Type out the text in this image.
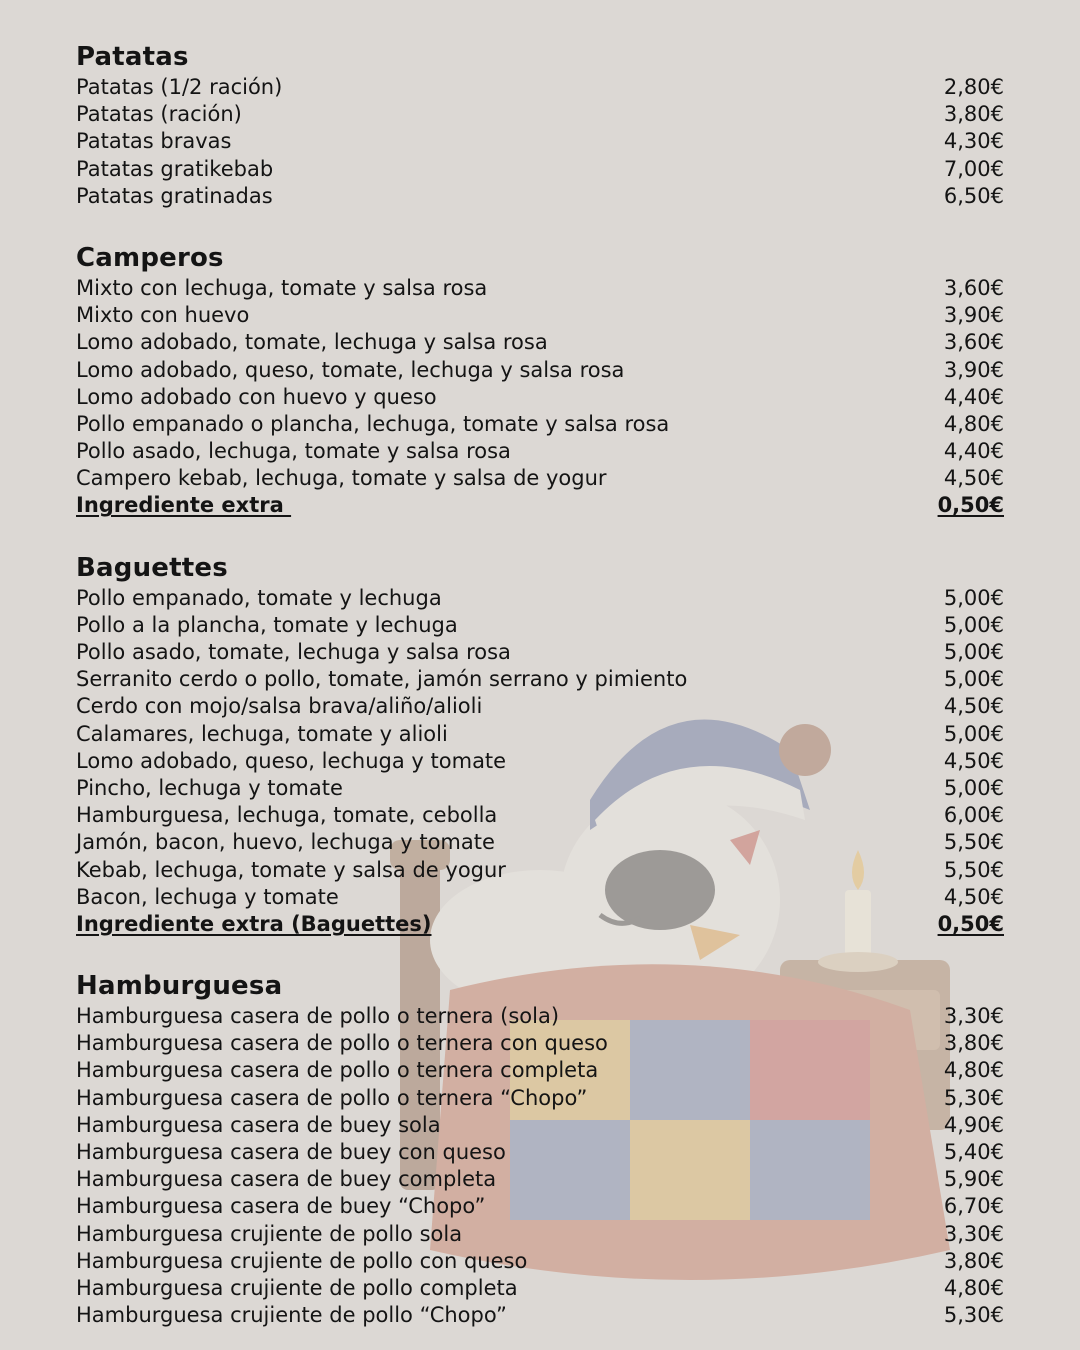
Patatas
Patatas (1/2 ración)	2,80€
Patatas (ración)	3,80€
Patatas bravas	4,30€
Patatas gratikebab	7,00€
Patatas gratinadas	6,50€
Camperos
Mixto con lechuga, tomate y salsa rosa	3,60€
Mixto con huevo	3,90€
Lomo adobado, tomate, lechuga y salsa rosa	3,60€
Lomo adobado, queso, tomate, lechuga y salsa rosa	3,90€
Lomo adobado con huevo y queso	4,40€
Pollo empanado o plancha, lechuga, tomate y salsa rosa	4,80€
Pollo asado, lechuga, tomate y salsa rosa	4,40€
Campero kebab, lechuga, tomate y salsa de yogur	4,50€
Ingrediente extra	0,50€
Baguettes
Pollo empanado, tomate y lechuga	5,00€
Pollo a la plancha, tomate y lechuga	5,00€
Pollo asado, tomate, lechuga y salsa rosa	5,00€
Serranito cerdo o pollo, tomate, jamón serrano y pimiento	5,00€
Cerdo con mojo/salsa brava/aliño/alioli	4,50€
Calamares, lechuga, tomate y alioli	5,00€
Lomo adobado, queso, lechuga y tomate	4,50€
Pincho, lechuga y tomate	5,00€
Hamburguesa, lechuga, tomate, cebolla	6,00€
Jamón, bacon, huevo, lechuga y tomate	5,50€
Kebab, lechuga, tomate y salsa de yogur	5,50€
Bacon, lechuga y tomate	4,50€
Ingrediente extra (Baguettes)	0,50€
Hamburguesa
Hamburguesa casera de pollo o ternera (sola)	3,30€
Hamburguesa casera de pollo o ternera con queso	3,80€
Hamburguesa casera de pollo o ternera completa	4,80€
Hamburguesa casera de pollo o ternera “Chopo”	5,30€
Hamburguesa casera de buey sola	4,90€
Hamburguesa casera de buey con queso	5,40€
Hamburguesa casera de buey completa	5,90€
Hamburguesa casera de buey “Chopo”	6,70€
Hamburguesa crujiente de pollo sola	3,30€
Hamburguesa crujiente de pollo con queso	3,80€
Hamburguesa crujiente de pollo completa	4,80€
Hamburguesa crujiente de pollo “Chopo”	5,30€
